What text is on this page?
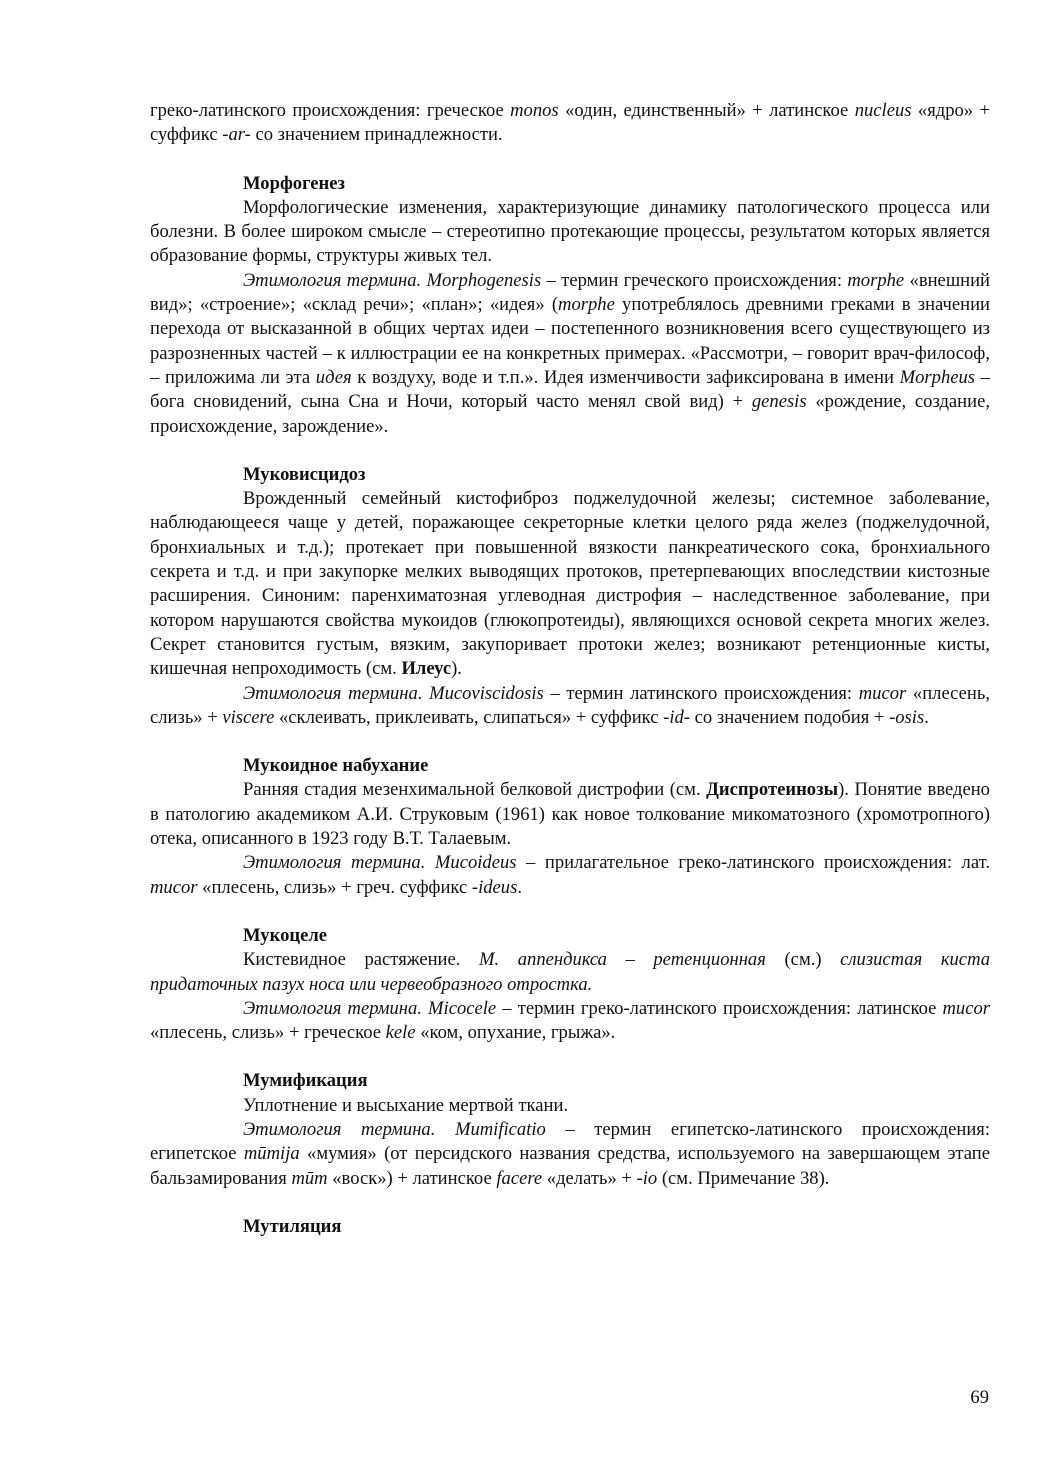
греко-латинского происхождения: греческое monos «один, единственный» + латинское nucleus «ядро» + суффикс -ar- со значением принадлежности.

Морфогенез

Морфологические изменения, характеризующие динамику патологического процесса или болезни. В более широком смысле – стереотипно протекающие процессы, результатом которых является образование формы, структуры живых тел.

Этимология термина. Morphogenesis – термин греческого происхождения: morphe «внешний вид»; «строение»; «склад речи»; «план»; «идея» (morphe употреблялось древними греками в значении перехода от высказанной в общих чертах идеи – постепенного возникновения всего существующего из разрозненных частей – к иллюстрации ее на конкретных примерах. «Рассмотри, – говорит врач-философ, – приложима ли эта идея к воздуху, воде и т.п.». Идея изменчивости зафиксирована в имени Morpheus – бога сновидений, сына Сна и Ночи, который часто менял свой вид) + genesis «рождение, создание, происхождение, зарождение».

Муковисцидоз

Врожденный семейный кистофиброз поджелудочной железы; системное заболевание, наблюдающееся чаще у детей, поражающее секреторные клетки целого ряда желез (поджелудочной, бронхиальных и т.д.); протекает при повышенной вязкости панкреатического сока, бронхиального секрета и т.д. и при закупорке мелких выводящих протоков, претерпевающих впоследствии кистозные расширения. Синоним: паренхиматозная углеводная дистрофия – наследственное заболевание, при котором нарушаются свойства мукоидов (глюкопротеиды), являющихся основой секрета многих желез. Секрет становится густым, вязким, закупоривает протоки желез; возникают ретенционные кисты, кишечная непроходимость (см. Илеус).

Этимология термина. Mucoviscidosis – термин латинского происхождения: mucor «плесень, слизь» + viscere «склеивать, приклеивать, слипаться» + суффикс -id- со значением подобия + -osis.

Мукоидное набухание

Ранняя стадия мезенхимальной белковой дистрофии (см. Диспротеинозы). Понятие введено в патологию академиком А.И. Струковым (1961) как новое толкование микоматозного (хромотропного) отека, описанного в 1923 году В.Т. Талаевым.

Этимология термина. Mucoideus – прилагательное греко-латинского происхождения: лат. mucor «плесень, слизь» + греч. суффикс -ideus.

Мукоцеле

Кистевидное растяжение. М. аппендикса – ретенционная (см.) слизистая киста придаточных пазух носа или червеобразного отростка.

Этимология термина. Micocele – термин греко-латинского происхождения: латинское mucor «плесень, слизь» + греческое kele «ком, опухание, грыжа».

Мумификация

Уплотнение и высыхание мертвой ткани.

Этимология термина. Mumificatio – термин египетско-латинского происхождения: египетское mūmija «мумия» (от персидского названия средства, используемого на завершающем этапе бальзамирования mūm «воск») + латинское facere «делать» + -io (см. Примечание 38).

Мутиляция

69
